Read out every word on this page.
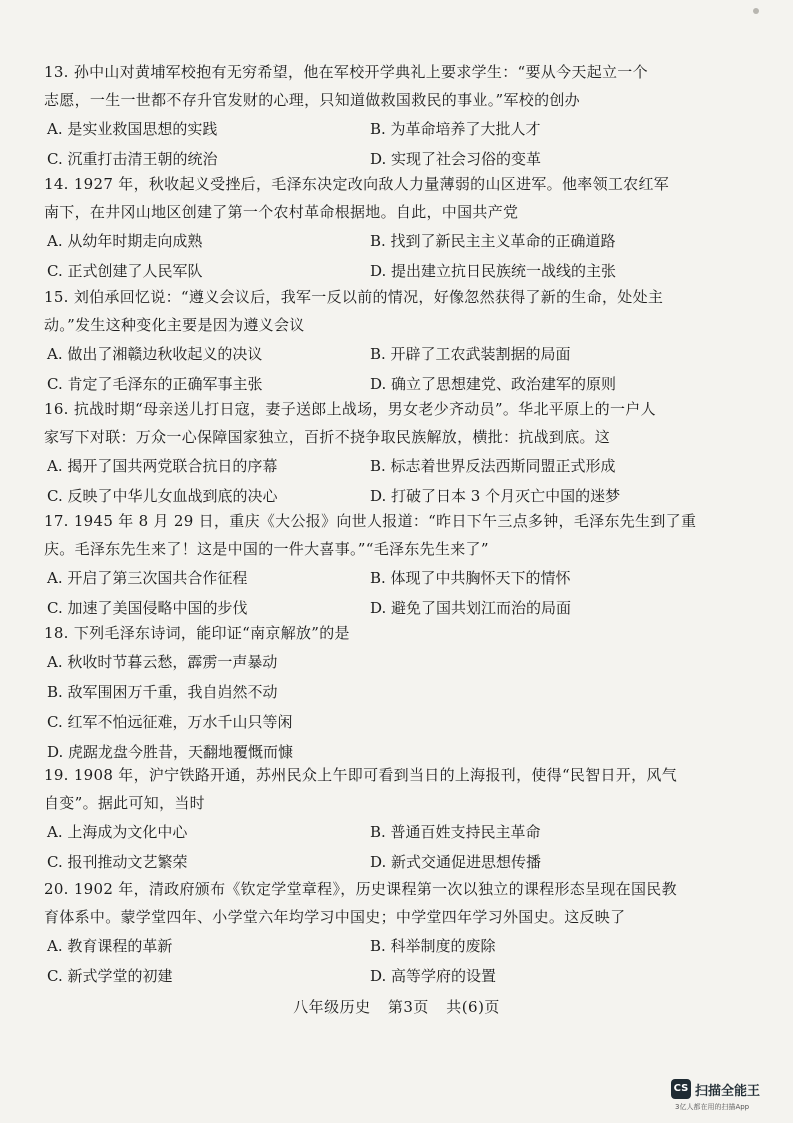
13. 孙中山对黄埔军校抱有无穷希望，他在军校开学典礼上要求学生：“要从今天起立一个
志愿，一生一世都不存升官发财的心理，只知道做救国救民的事业。”军校的创办
A. 是实业救国思想的实践	B. 为革命培养了大批人才
C. 沉重打击清王朝的统治	D. 实现了社会习俗的变革
14. 1927 年，秋收起义受挫后，毛泽东决定改向敌人力量薄弱的山区进军。他率领工农红军
南下，在井冈山地区创建了第一个农村革命根据地。自此，中国共产党
A. 从幼年时期走向成熟	B. 找到了新民主主义革命的正确道路
C. 正式创建了人民军队	D. 提出建立抗日民族统一战线的主张
15. 刘伯承回忆说：“遵义会议后，我军一反以前的情况，好像忽然获得了新的生命，处处主
动。”发生这种变化主要是因为遵义会议
A. 做出了湘赣边秋收起义的决议	B. 开辟了工农武装割据的局面
C. 肯定了毛泽东的正确军事主张	D. 确立了思想建党、政治建军的原则
16. 抗战时期“母亲送儿打日寇，妻子送郎上战场，男女老少齐动员”。华北平原上的一户人
家写下对联：万众一心保障国家独立，百折不挠争取民族解放，横批：抗战到底。这
A. 揭开了国共两党联合抗日的序幕	B. 标志着世界反法西斯同盟正式形成
C. 反映了中华儿女血战到底的决心	D. 打破了日本 3 个月灭亡中国的迷梦
17. 1945 年 8 月 29 日，重庆《大公报》向世人报道：“昨日下午三点多钟，毛泽东先生到了重
庆。毛泽东先生来了！这是中国的一件大喜事。”“毛泽东先生来了”
A. 开启了第三次国共合作征程	B. 体现了中共胸怀天下的情怀
C. 加速了美国侵略中国的步伐	D. 避免了国共划江而治的局面
18. 下列毛泽东诗词，能印证“南京解放”的是
A. 秋收时节暮云愁，霹雳一声暴动
B. 敌军围困万千重，我自岿然不动
C. 红军不怕远征难，万水千山只等闲
D. 虎踞龙盘今胜昔，天翻地覆慨而慷
19. 1908 年，沪宁铁路开通，苏州民众上午即可看到当日的上海报刊，使得“民智日开，风气
自变”。据此可知，当时
A. 上海成为文化中心	B. 普通百姓支持民主革命
C. 报刊推动文艺繁荣	D. 新式交通促进思想传播
20. 1902 年，清政府颁布《钦定学堂章程》，历史课程第一次以独立的课程形态呈现在国民教
育体系中。蒙学堂四年、小学堂六年均学习中国史；中学堂四年学习外国史。这反映了
A. 教育课程的革新	B. 科举制度的废除
C. 新式学堂的初建	D. 高等学府的设置
八年级历史 第3页 共(6)页
CS 扫描全能王
3亿人都在用的扫描App
